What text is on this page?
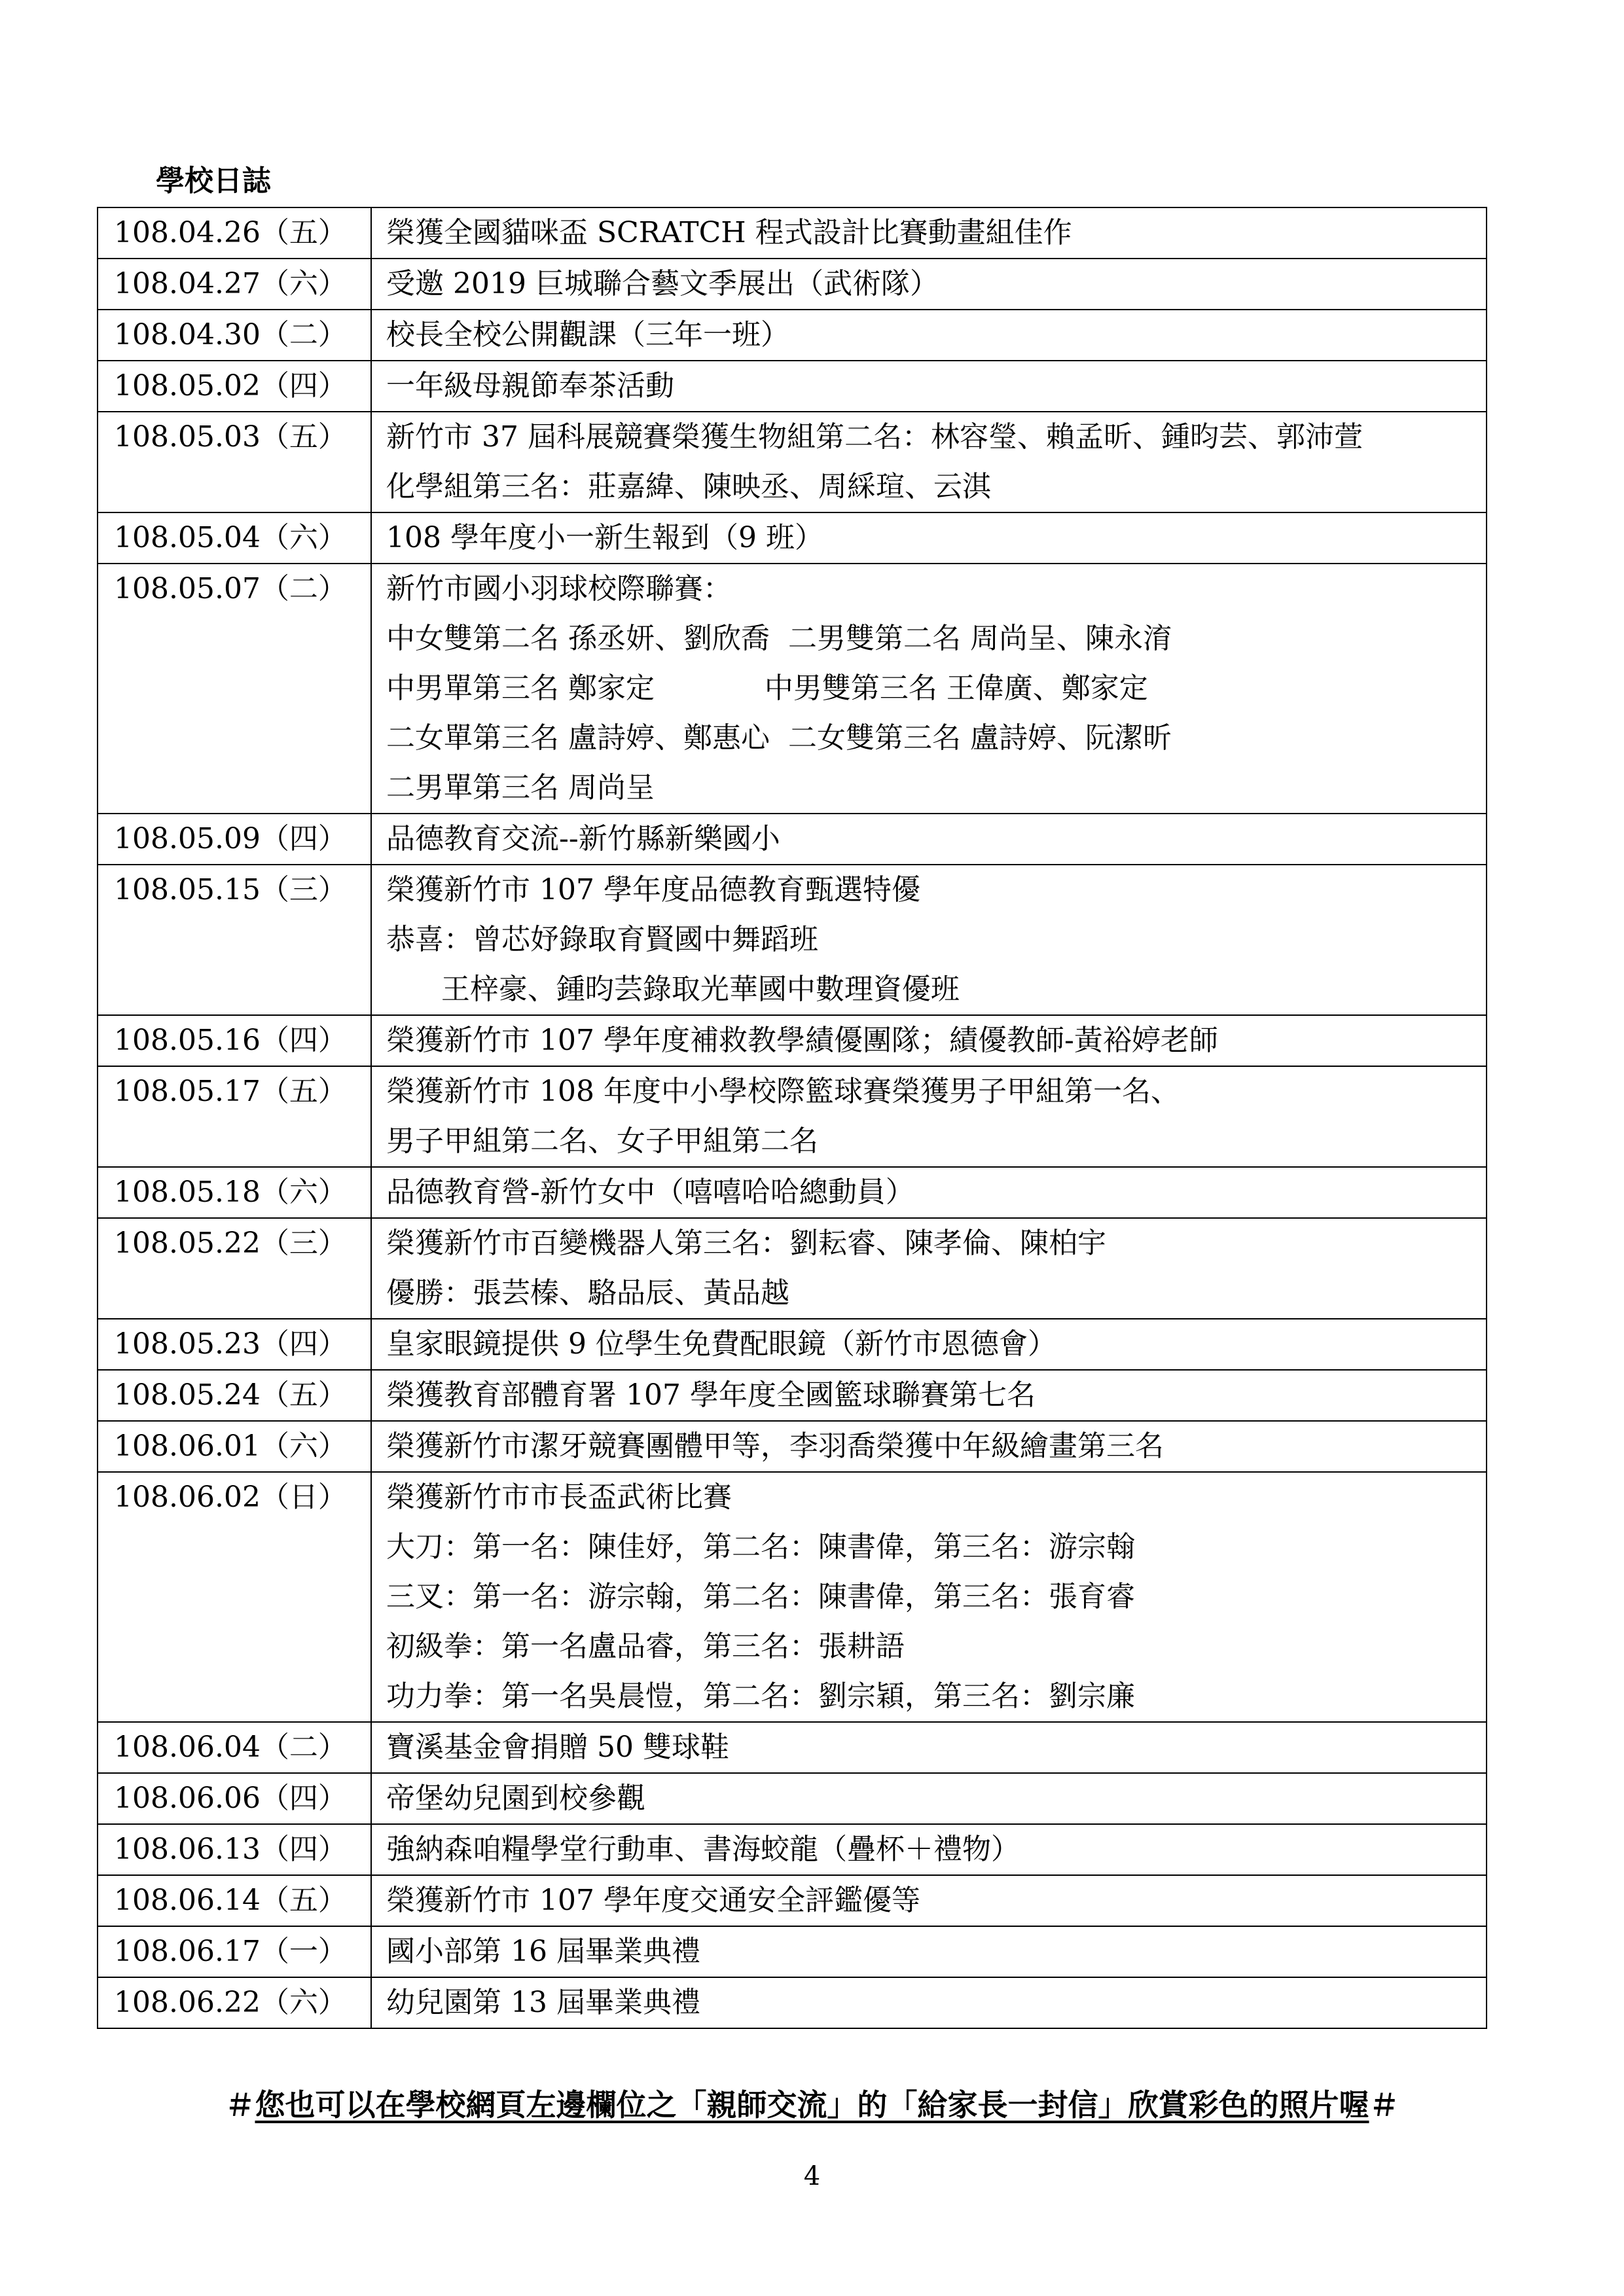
學校日誌
108.04.26（五）	榮獲全國貓咪盃 SCRATCH 程式設計比賽動畫組佳作

108.04.27（六）	受邀 2019 巨城聯合藝文季展出（武術隊）

108.04.30（二）	校長全校公開觀課（三年一班）

108.05.02（四）	一年級母親節奉茶活動

108.05.03（五）	新竹市 37 屆科展競賽榮獲生物組第二名：林容瑩、賴孟昕、鍾昀芸、郭沛萱
化學組第三名：莊嘉緯、陳映丞、周綵瑄、云淇

108.05.04（六）	108 學年度小一新生報到（9 班）

108.05.07（二）	新竹市國小羽球校際聯賽：
中女雙第二名 孫丞妍、劉欣喬  二男雙第二名 周尚呈、陳永淯
中男單第三名 鄭家定            中男雙第三名 王偉廣、鄭家定
二女單第三名 盧詩婷、鄭惠心  二女雙第三名 盧詩婷、阮潔昕
二男單第三名 周尚呈

108.05.09（四）	品德教育交流--新竹縣新樂國小

108.05.15（三）	榮獲新竹市 107 學年度品德教育甄選特優
恭喜：曾芯妤錄取育賢國中舞蹈班
王梓豪、鍾昀芸錄取光華國中數理資優班

108.05.16（四）	榮獲新竹市 107 學年度補救教學績優團隊；績優教師-黃裕婷老師

108.05.17（五）	榮獲新竹市 108 年度中小學校際籃球賽榮獲男子甲組第一名、
男子甲組第二名、女子甲組第二名

108.05.18（六）	品德教育營-新竹女中（嘻嘻哈哈總動員）

108.05.22（三）	榮獲新竹市百變機器人第三名：劉耘睿、陳孝倫、陳柏宇
優勝：張芸榛、駱品辰、黃品越

108.05.23（四）	皇家眼鏡提供 9 位學生免費配眼鏡（新竹市恩德會）

108.05.24（五）	榮獲教育部體育署 107 學年度全國籃球聯賽第七名

108.06.01（六）	榮獲新竹市潔牙競賽團體甲等，李羽喬榮獲中年級繪畫第三名

108.06.02（日）	榮獲新竹市市長盃武術比賽
大刀：第一名：陳佳妤，第二名：陳書偉，第三名：游宗翰
三叉：第一名：游宗翰，第二名：陳書偉，第三名：張育睿
初級拳：第一名盧品睿，第三名：張耕語
功力拳：第一名吳晨愷，第二名：劉宗穎，第三名：劉宗廉

108.06.04（二）	寶溪基金會捐贈 50 雙球鞋

108.06.06（四）	帝堡幼兒園到校參觀

108.06.13（四）	強納森咱糧學堂行動車、書海蛟龍（疊杯＋禮物）

108.06.14（五）	榮獲新竹市 107 學年度交通安全評鑑優等

108.06.17（一）	國小部第 16 屆畢業典禮

108.06.22（六）	幼兒園第 13 屆畢業典禮
＃您也可以在學校網頁左邊欄位之「親師交流」的「給家長一封信」欣賞彩色的照片喔＃
4
